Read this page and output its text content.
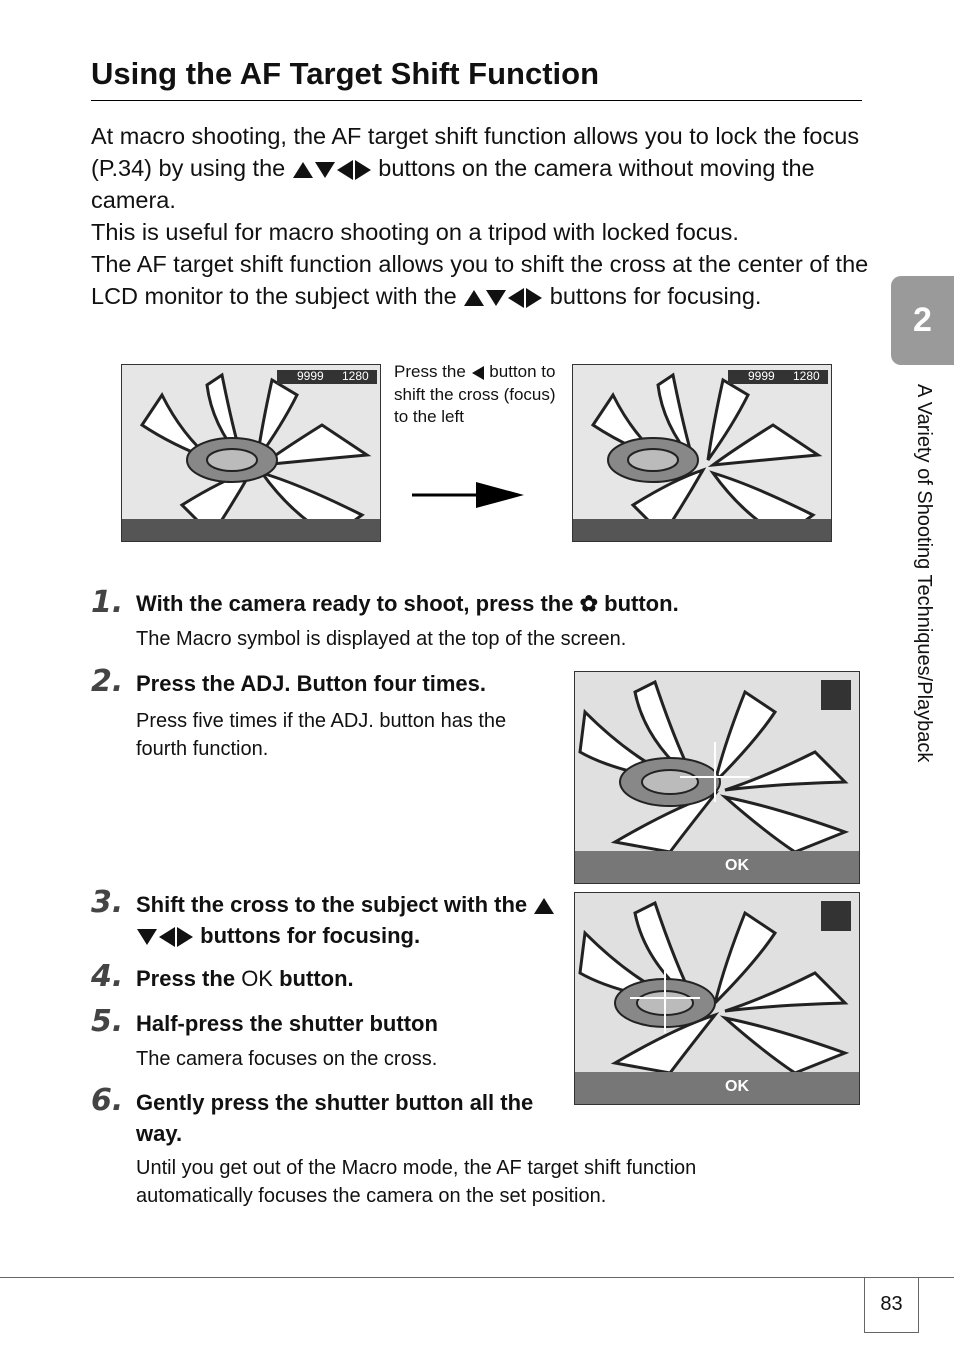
Using the AF Target Shift Function

At macro shooting, the AF target shift function allows you to lock the focus (P.34) by using the	buttons on the camera without moving the camera.

This is useful for macro shooting on a tripod with locked focus.

The AF target shift function allows you to shift the cross at the center of the LCD monitor to the subject with the	buttons for focusing.

2
A Variety of Shooting Techniques/Playback
9999 1280 Press the button to shift the cross (focus) to the left
9999 1280
1. With the camera ready to shoot, press the ✿ button.
The Macro symbol is displayed at the top of the screen.
2. Press the ADJ. Button four times.
Press five times if the ADJ. button has the fourth function.
OK
3. Shift the cross to the subject with the  buttons for focusing.
OK
4. Press the OK button.
5. Half-press the shutter button
The camera focuses on the cross.
6. Gently press the shutter button all the way.
Until you get out of the Macro mode, the AF target shift function automatically focuses the camera on the set position.
83
